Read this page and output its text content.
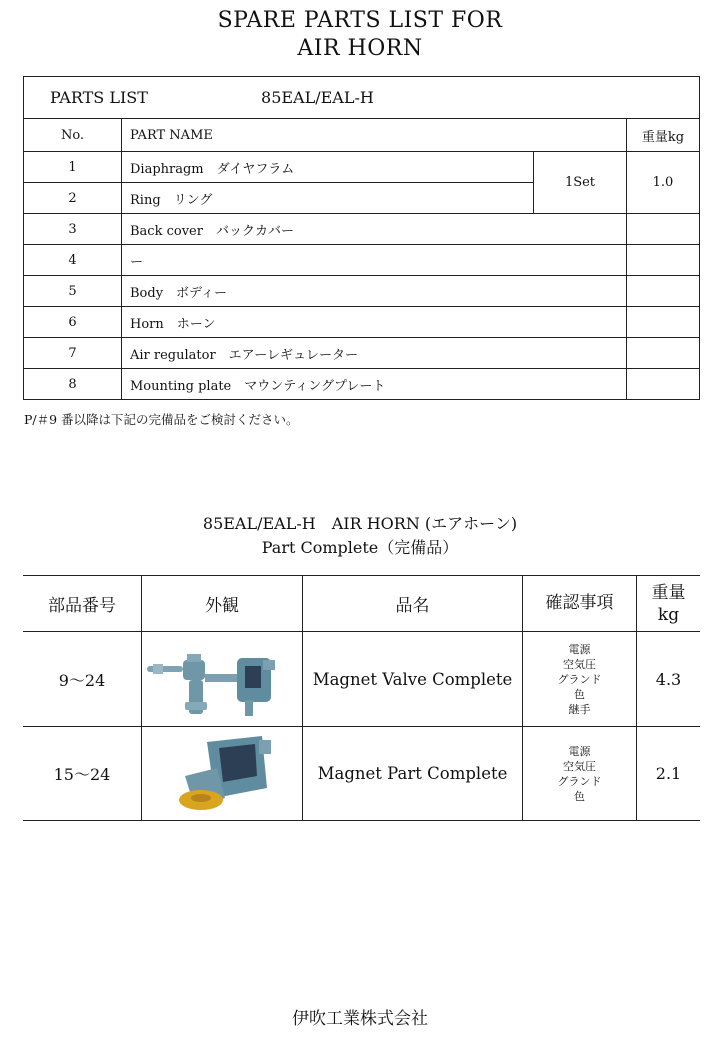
SPARE PARTS LIST FOR
AIR HORN
PARTS LIST 85EAL/EAL-H			
No.	PART NAME		重量kg
1	Diaphragm　ダイヤフラム	1Set	1.0
2	Ring　リング		
3	Back cover　バックカバー		
4	ー		
5	Body　ボディー		
6	Horn　ホーン		
7	Air regulator　エアーレギュレーター		
8	Mounting plate　マウンティングプレート		
P/＃9 番以降は下記の完備品をご検討ください。
85EAL/EAL-H　AIR HORN (エアホーン)
Part Complete（完備品）
部品番号	外観	品名	確認事項	重量
kg

9～24		Magnet Valve Complete	電源
空気圧
グランド
色
継手	4.3
15～24		Magnet Part Complete	電源
空気圧
グランド
色	2.1
伊吹工業株式会社
